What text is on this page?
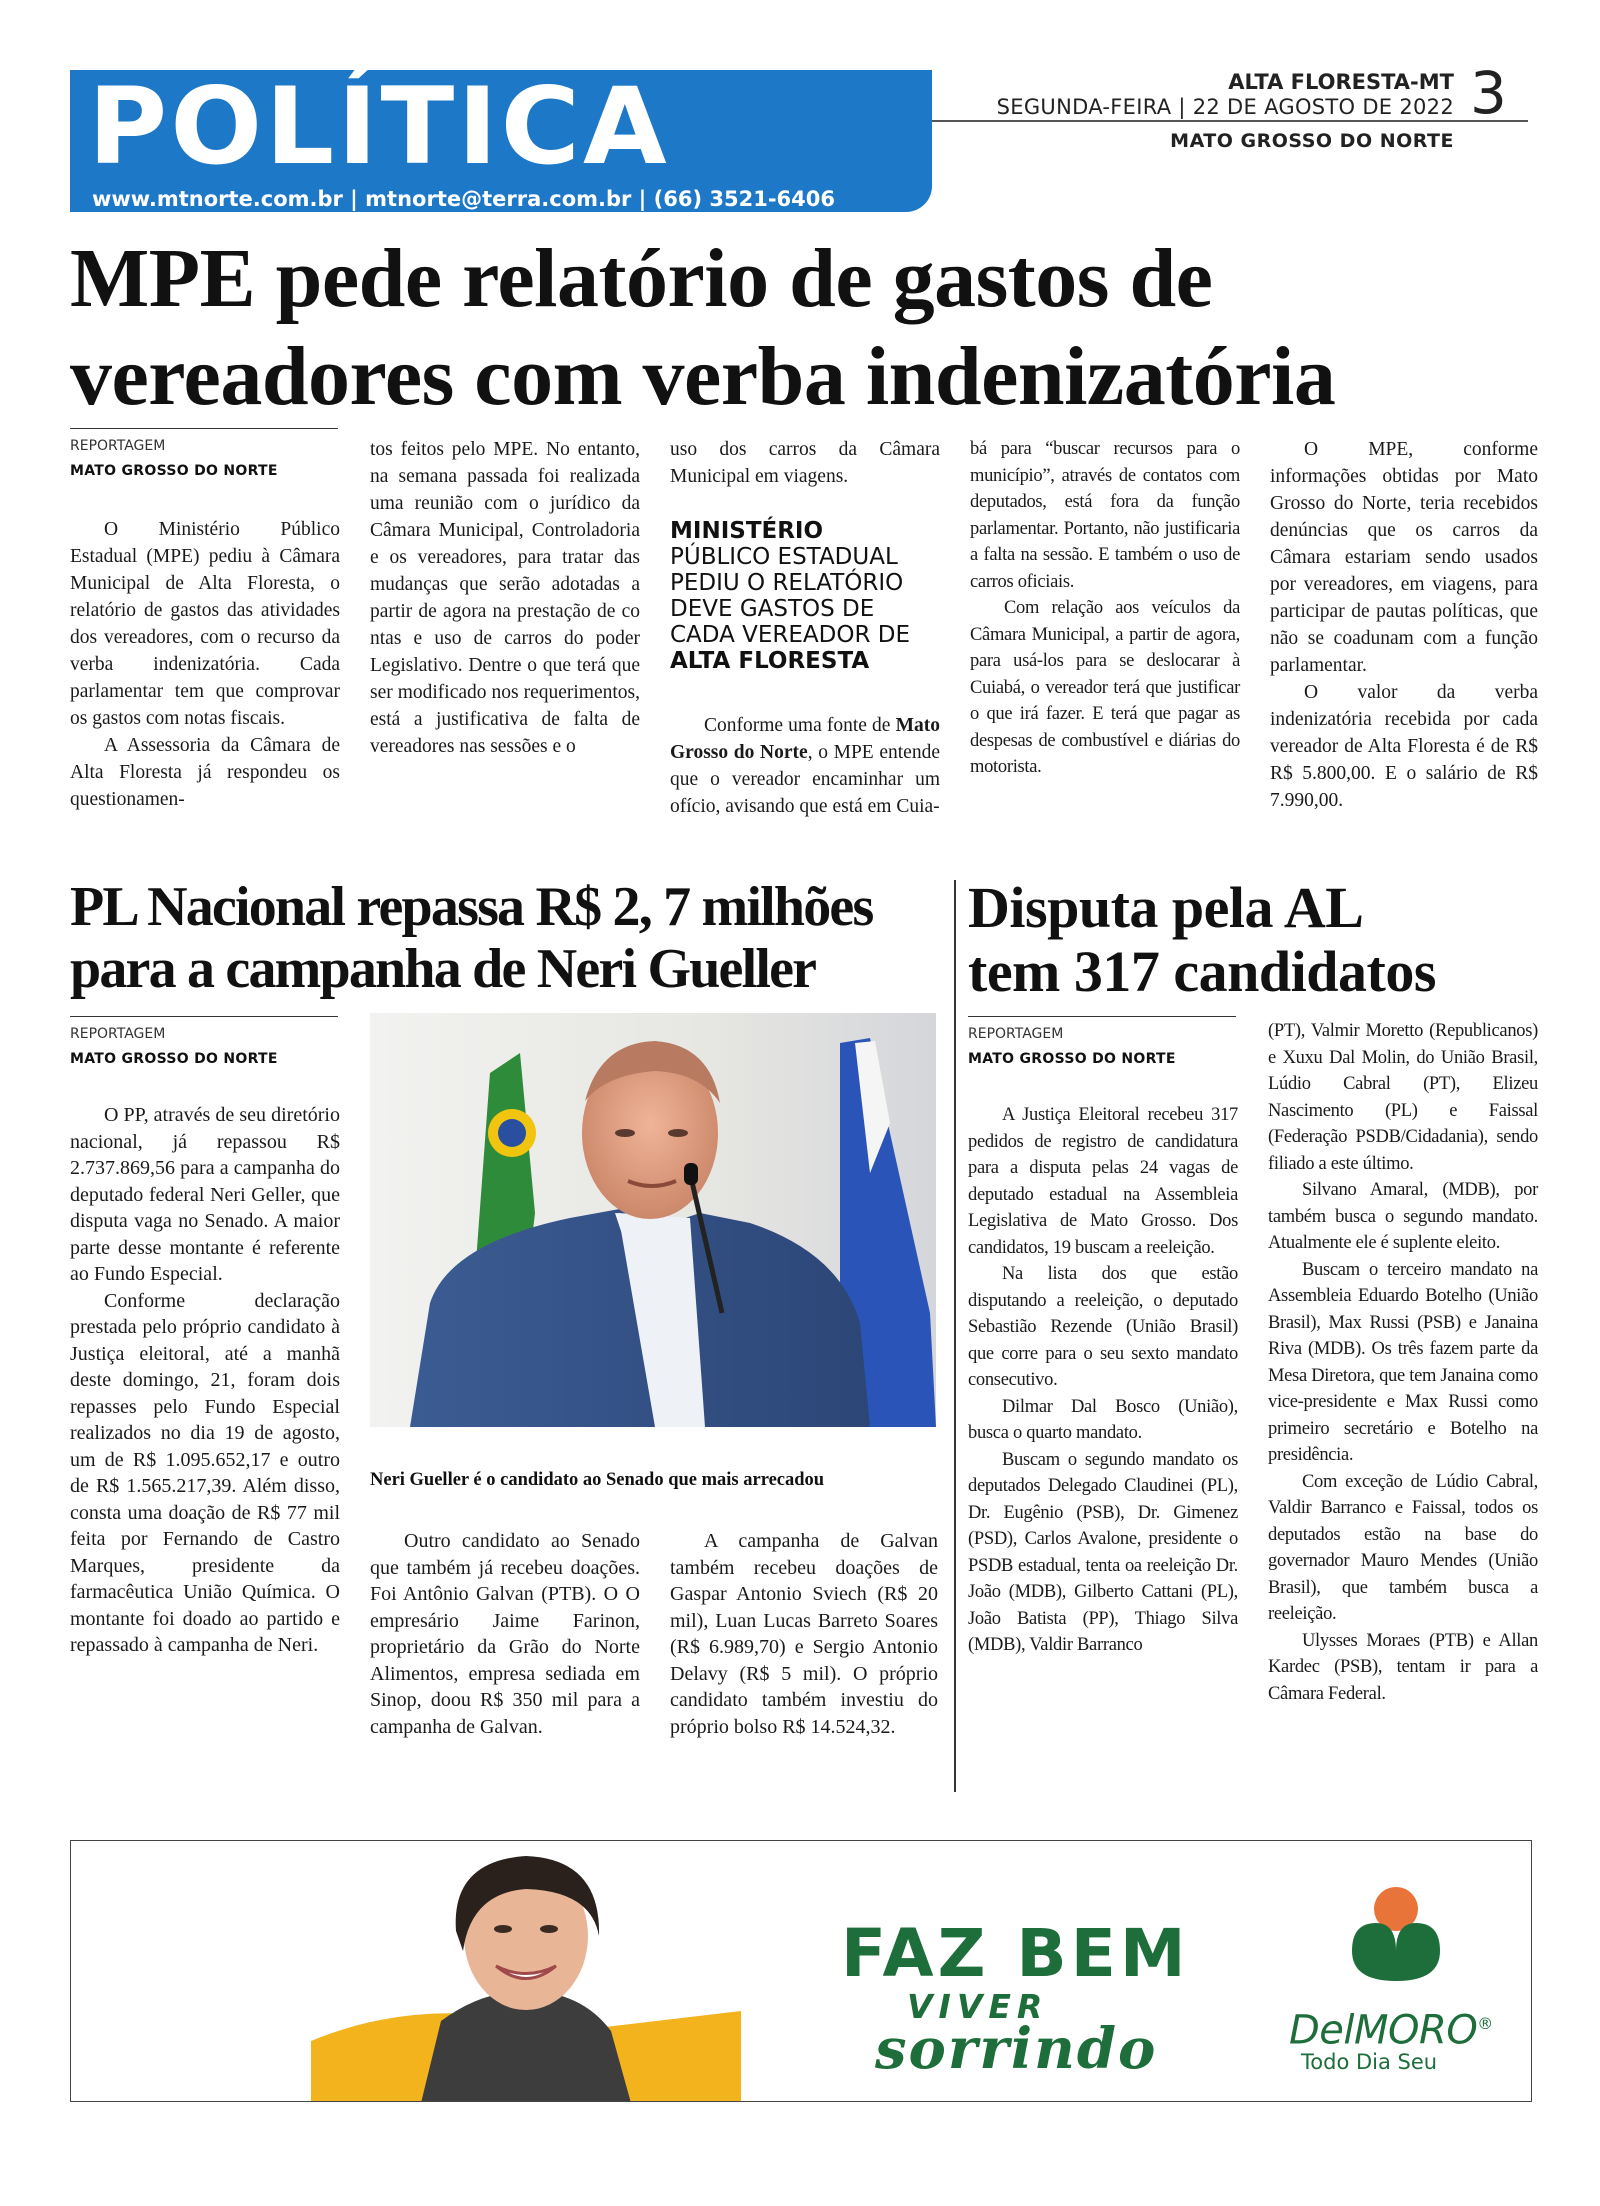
POLÍTICA
www.mtnorte.com.br | mtnorte@terra.com.br | (66) 3521-6406
ALTA FLORESTA-MT
SEGUNDA-FEIRA | 22 DE AGOSTO DE 2022
MATO GROSSO DO NORTE
3
MPE pede relatório de gastos de vereadores com verba indenizatória
REPORTAGEM
MATO GROSSO DO NORTE

O Ministério Público Estadual (MPE) pediu à Câmara Municipal de Alta Floresta, o relatório de gastos das atividades dos vereadores, com o recurso da verba indenizatória. Cada parlamentar tem que comprovar os gastos com notas fiscais.

A Assessoria da Câmara de Alta Floresta já respondeu os questionamen-

tos feitos pelo MPE. No entanto, na semana passada foi realizada uma reunião com o jurídico da Câmara Municipal, Controladoria e os vereadores, para tratar das mudanças que serão adotadas a partir de agora na prestação de co ntas e uso de carros do poder Legislativo. Dentre o que terá que ser modificado nos requerimentos, está a justificativa de falta de vereadores nas sessões e o

uso dos carros da Câmara Municipal em viagens.

MINISTÉRIO
PÚBLICO ESTADUAL PEDIU O RELATÓRIO DEVE GASTOS DE CADA VEREADOR DE ALTA FLORESTA

Conforme uma fonte de Mato Grosso do Norte, o MPE entende que o vereador encaminhar um ofício, avisando que está em Cuia-

bá para “buscar recursos para o município”, através de contatos com deputados, está fora da função parlamentar. Portanto, não justificaria a falta na sessão. E também o uso de carros oficiais.

Com relação aos veículos da Câmara Municipal, a partir de agora, para usá-los para se deslocarar à Cuiabá, o vereador terá que justificar o que irá fazer. E terá que pagar as despesas de combustível e diárias do motorista.

O MPE, conforme informações obtidas por Mato Grosso do Norte, teria recebidos denúncias que os carros da Câmara estariam sendo usados por vereadores, em viagens, para participar de pautas políticas, que não se coadunam com a função parlamentar.

O valor da verba indenizatória recebida por cada vereador de Alta Floresta é de R$ R$ 5.800,00. E o salário de R$ 7.990,00.

PL Nacional repassa R$ 2, 7 milhões
para a campanha de Neri Gueller
REPORTAGEM
MATO GROSSO DO NORTE

O PP, através de seu diretório nacional, já repassou R$ 2.737.869,56 para a campanha do deputado federal Neri Geller, que disputa vaga no Senado. A maior parte desse montante é referente ao Fundo Especial.

Conforme declaração prestada pelo próprio candidato à Justiça eleitoral, até a manhã deste domingo, 21, foram dois repasses pelo Fundo Especial realizados no dia 19 de agosto, um de R$ 1.095.652,17 e outro de R$ 1.565.217,39. Além disso, consta uma doação de R$ 77 mil feita por Fernando de Castro Marques, presidente da farmacêutica União Química. O montante foi doado ao partido e repassado à campanha de Neri.

Neri Gueller é o candidato ao Senado que mais arrecadou

Outro candidato ao Senado que também já recebeu doações. Foi Antônio Galvan (PTB). O O empresário Jaime Farinon, proprietário da Grão do Norte Alimentos, empresa sediada em Sinop, doou R$ 350 mil para a campanha de Galvan.

A campanha de Galvan também recebeu doações de Gaspar Antonio Sviech (R$ 20 mil), Luan Lucas Barreto Soares (R$ 6.989,70) e Sergio Antonio Delavy (R$ 5 mil). O próprio candidato também investiu do próprio bolso R$ 14.524,32.

Disputa pela AL
tem 317 candidatos
REPORTAGEM
MATO GROSSO DO NORTE

A Justiça Eleitoral recebeu 317 pedidos de registro de candidatura para a disputa pelas 24 vagas de deputado estadual na Assembleia Legislativa de Mato Grosso. Dos candidatos, 19 buscam a reeleição.

Na lista dos que estão disputando a reeleição, o deputado Sebastião Rezende (União Brasil) que corre para o seu sexto mandato consecutivo.

Dilmar Dal Bosco (União), busca o quarto mandato.

Buscam o segundo mandato os deputados Delegado Claudinei (PL), Dr. Eugênio (PSB), Dr. Gimenez (PSD), Carlos Avalone, presidente o PSDB estadual, tenta oa reeleição Dr. João (MDB), Gilberto Cattani (PL), João Batista (PP), Thiago Silva (MDB), Valdir Barranco

(PT), Valmir Moretto (Republicanos) e Xuxu Dal Molin, do União Brasil, Lúdio Cabral (PT), Elizeu Nascimento (PL) e Faissal (Federação PSDB/Cidadania), sendo filiado a este último.

Silvano Amaral, (MDB), por também busca o segundo mandato. Atualmente ele é suplente eleito.

Buscam o terceiro mandato na Assembleia Eduardo Botelho (União Brasil), Max Russi (PSB) e Janaina Riva (MDB). Os três fazem parte da Mesa Diretora, que tem Janaina como vice-presidente e Max Russi como primeiro secretário e Botelho na presidência.

Com exceção de Lúdio Cabral, Valdir Barranco e Faissal, todos os deputados estão na base do governador Mauro Mendes (União Brasil), que também busca a reeleição.

Ulysses Moraes (PTB) e Allan Kardec (PSB), tentam ir para a Câmara Federal.

FAZ BEM
VIVER
sorrindo	DelMORO®
Todo Dia Seu
